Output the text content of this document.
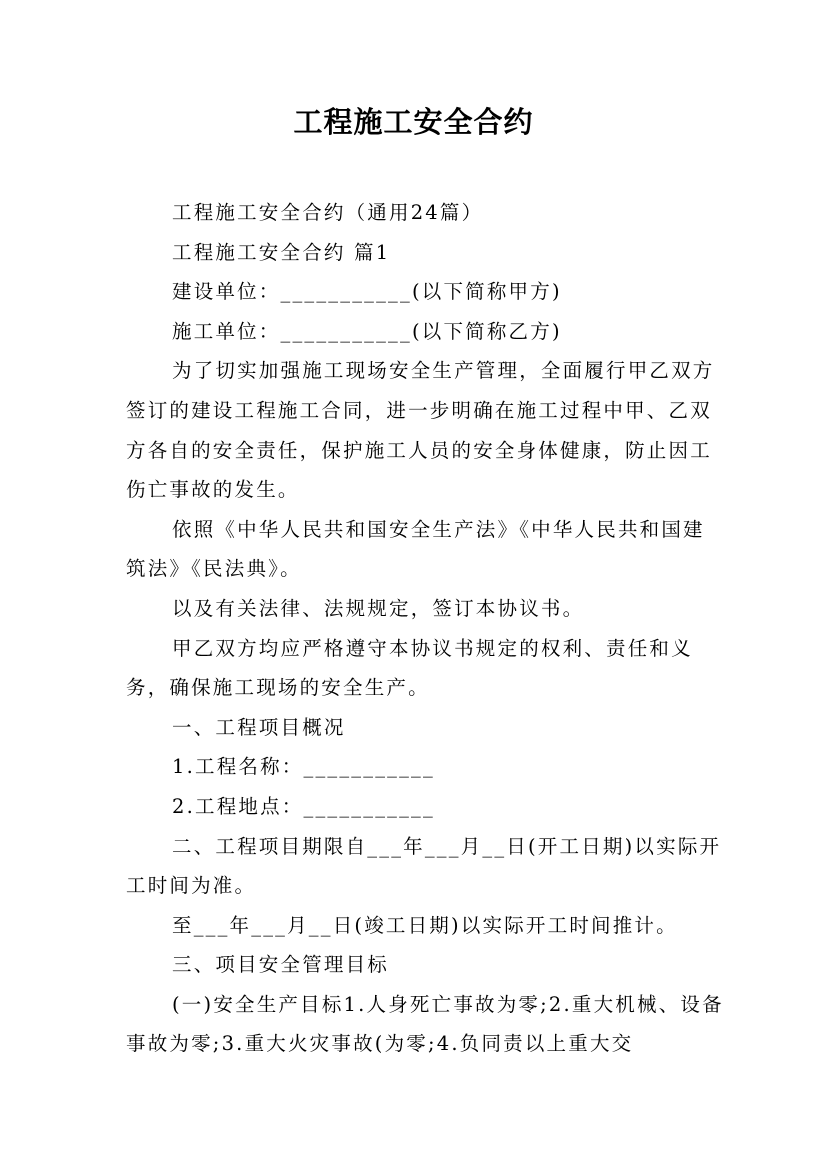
工程施工安全合约

工程施工安全合约（通用24篇）

工程施工安全合约 篇1

建设单位：___________(以下简称甲方)

施工单位：___________(以下简称乙方)

为了切实加强施工现场安全生产管理，全面履行甲乙双方签订的建设工程施工合同，进一步明确在施工过程中甲、乙双方各自的安全责任，保护施工人员的安全身体健康，防止因工伤亡事故的发生。

依照《中华人民共和国安全生产法》《中华人民共和国建筑法》《民法典》。

以及有关法律、法规规定，签订本协议书。

甲乙双方均应严格遵守本协议书规定的权利、责任和义务，确保施工现场的安全生产。

一、工程项目概况

1.工程名称：___________

2.工程地点：___________

二、工程项目期限自___年___月__日(开工日期)以实际开工时间为准。

至___年___月__日(竣工日期)以实际开工时间推计。

三、项目安全管理目标

(一)安全生产目标1.人身死亡事故为零;2.重大机械、设备事故为零;3.重大火灾事故(为零;4.负同责以上重大交
